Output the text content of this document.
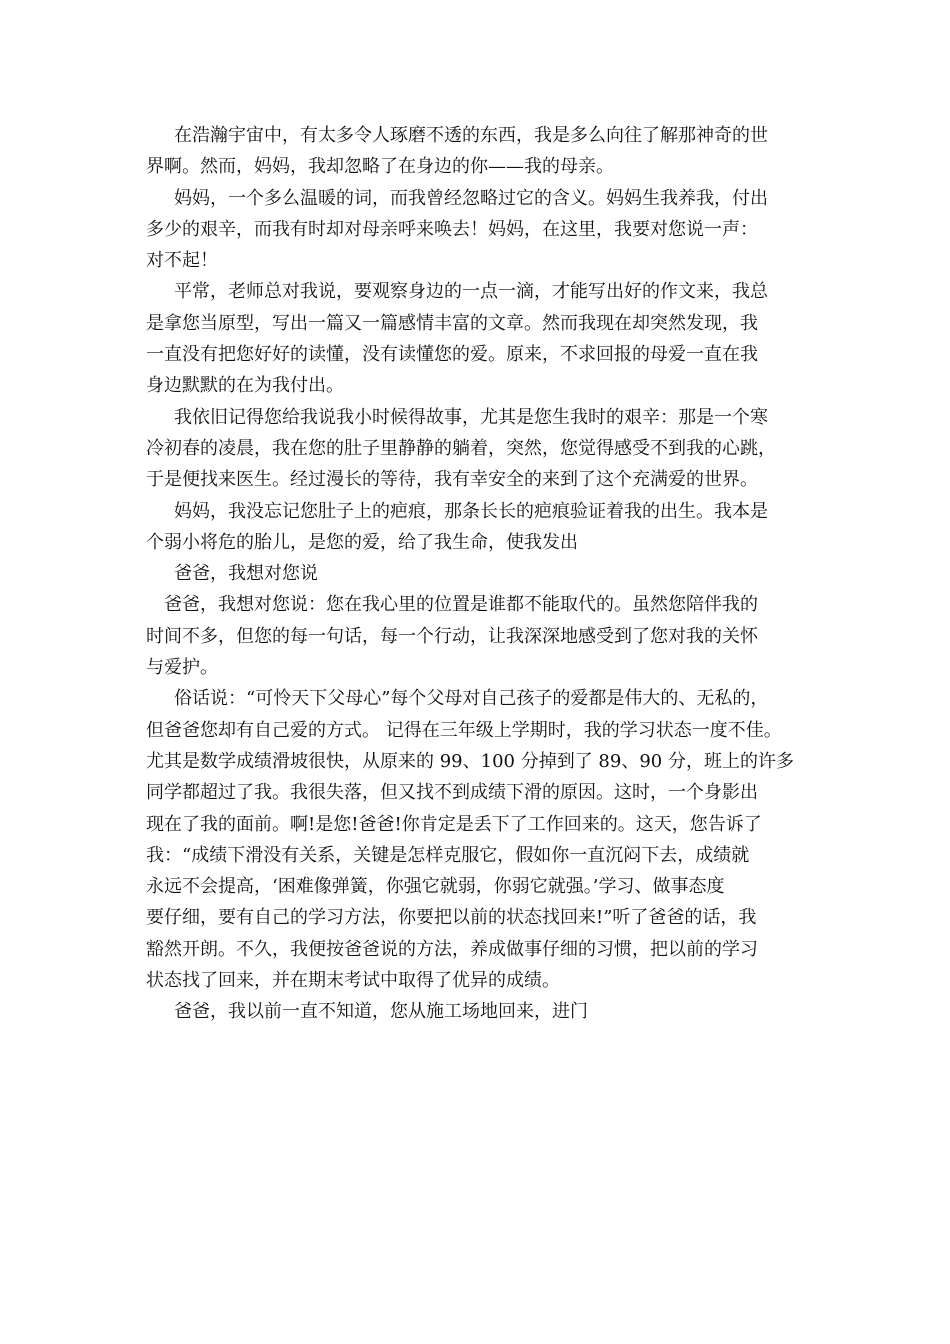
在浩瀚宇宙中，有太多令人琢磨不透的东西，我是多么向往了解那神奇的世
界啊。然而，妈妈，我却忽略了在身边的你——我的母亲。
妈妈，一个多么温暖的词，而我曾经忽略过它的含义。妈妈生我养我，付出
多少的艰辛，而我有时却对母亲呼来唤去！妈妈，在这里，我要对您说一声：
对不起！
平常，老师总对我说，要观察身边的一点一滴，才能写出好的作文来，我总
是拿您当原型，写出一篇又一篇感情丰富的文章。然而我现在却突然发现，我
一直没有把您好好的读懂，没有读懂您的爱。原来，不求回报的母爱一直在我
身边默默的在为我付出。
我依旧记得您给我说我小时候得故事，尤其是您生我时的艰辛：那是一个寒
冷初春的凌晨，我在您的肚子里静静的躺着，突然，您觉得感受不到我的心跳，
于是便找来医生。经过漫长的等待，我有幸安全的来到了这个充满爱的世界。
妈妈，我没忘记您肚子上的疤痕，那条长长的疤痕验证着我的出生。我本是
个弱小将危的胎儿，是您的爱，给了我生命，使我发出
爸爸，我想对您说
爸爸，我想对您说：您在我心里的位置是谁都不能取代的。虽然您陪伴我的
时间不多，但您的每一句话，每一个行动，让我深深地感受到了您对我的关怀
与爱护。
俗话说：“可怜天下父母心”每个父母对自己孩子的爱都是伟大的、无私的，
但爸爸您却有自己爱的方式。 记得在三年级上学期时，我的学习状态一度不佳。
尤其是数学成绩滑坡很快，从原来的 99、100 分掉到了 89、90 分，班上的许多
同学都超过了我。我很失落，但又找不到成绩下滑的原因。这时，一个身影出
现在了我的面前。啊!是您!爸爸!你肯定是丢下了工作回来的。这天，您告诉了
我：“成绩下滑没有关系，关键是怎样克服它，假如你一直沉闷下去，成绩就
永远不会提高，‘困难像弹簧，你强它就弱，你弱它就强。’学习、做事态度
要仔细，要有自己的学习方法，你要把以前的状态找回来!”听了爸爸的话，我
豁然开朗。不久，我便按爸爸说的方法，养成做事仔细的习惯，把以前的学习
状态找了回来，并在期末考试中取得了优异的成绩。
爸爸，我以前一直不知道，您从施工场地回来，进门
